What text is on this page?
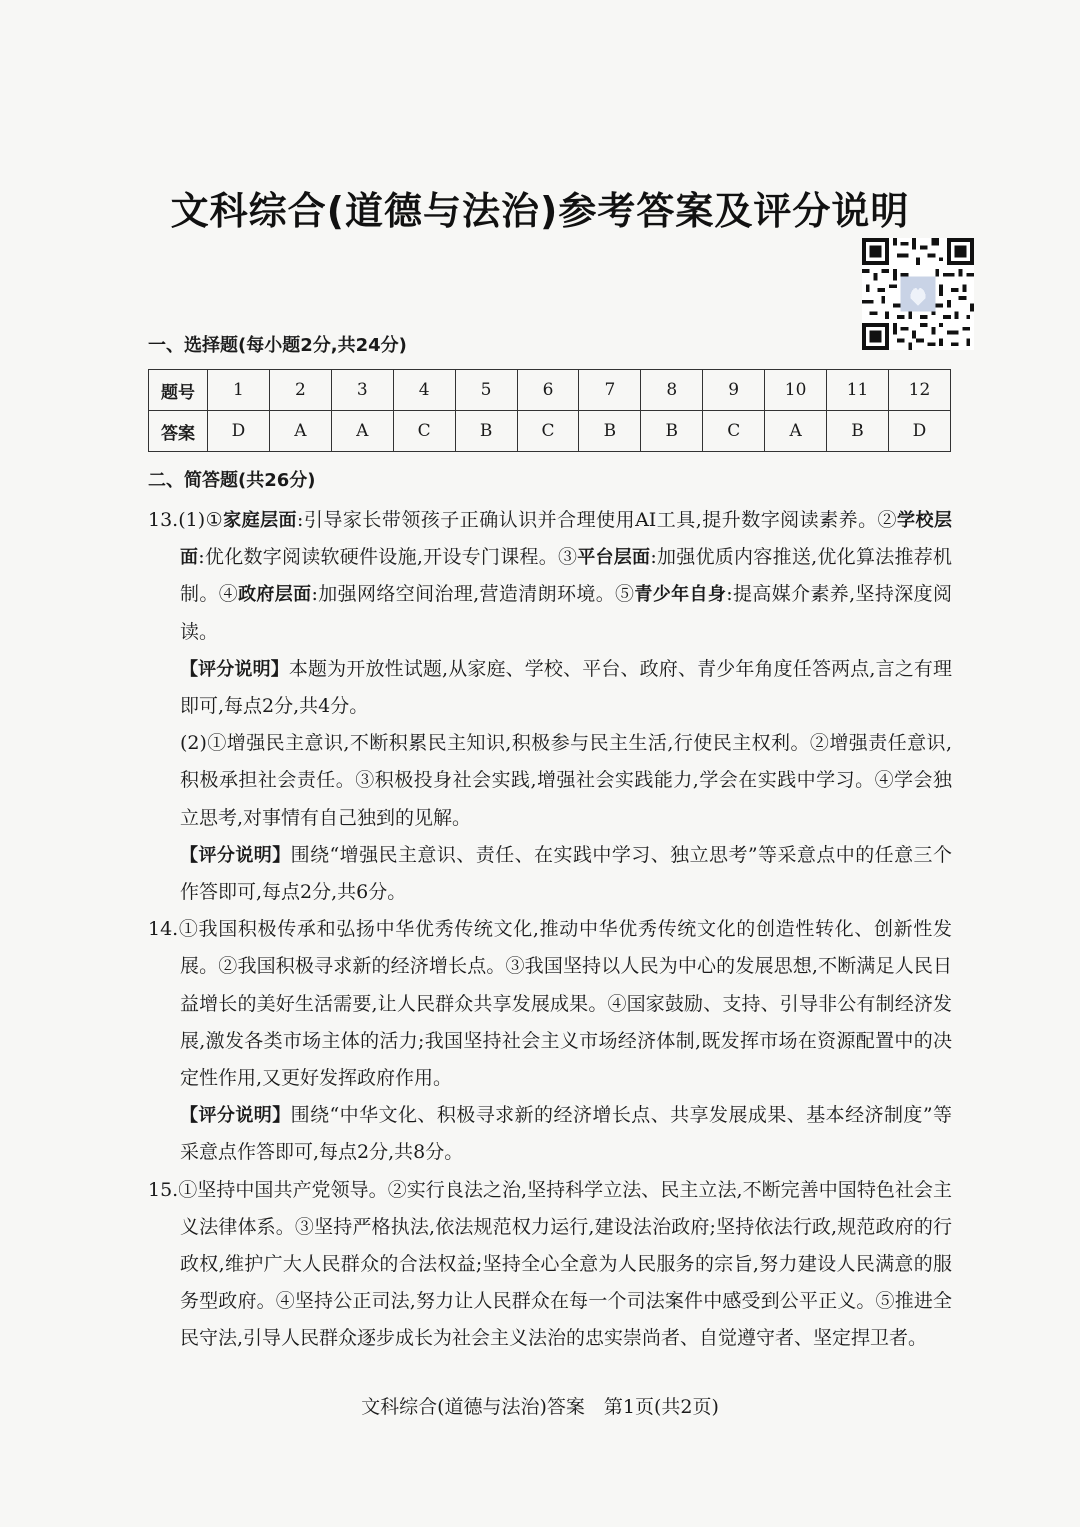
文科综合(道德与法治)参考答案及评分说明
一、选择题(每小题2分,共24分)
题号	1	2	3	4	5	6	7	8	9	10	11	12
答案	D	A	A	C	B	C	B	B	C	A	B	D
二、简答题(共26分)

13.(1)①家庭层面:引导家长带领孩子正确认识并合理使用AI工具,提升数字阅读素养。②学校层面:优化数字阅读软硬件设施,开设专门课程。③平台层面:加强优质内容推送,优化算法推荐机制。④政府层面:加强网络空间治理,营造清朗环境。⑤青少年自身:提高媒介素养,坚持深度阅读。

【评分说明】本题为开放性试题,从家庭、学校、平台、政府、青少年角度任答两点,言之有理即可,每点2分,共4分。

(2)①增强民主意识,不断积累民主知识,积极参与民主生活,行使民主权利。②增强责任意识,积极承担社会责任。③积极投身社会实践,增强社会实践能力,学会在实践中学习。④学会独立思考,对事情有自己独到的见解。

【评分说明】围绕“增强民主意识、责任、在实践中学习、独立思考”等采意点中的任意三个作答即可,每点2分,共6分。

14.①我国积极传承和弘扬中华优秀传统文化,推动中华优秀传统文化的创造性转化、创新性发展。②我国积极寻求新的经济增长点。③我国坚持以人民为中心的发展思想,不断满足人民日益增长的美好生活需要,让人民群众共享发展成果。④国家鼓励、支持、引导非公有制经济发展,激发各类市场主体的活力;我国坚持社会主义市场经济体制,既发挥市场在资源配置中的决定性作用,又更好发挥政府作用。

【评分说明】围绕“中华文化、积极寻求新的经济增长点、共享发展成果、基本经济制度”等采意点作答即可,每点2分,共8分。

15.①坚持中国共产党领导。②实行良法之治,坚持科学立法、民主立法,不断完善中国特色社会主义法律体系。③坚持严格执法,依法规范权力运行,建设法治政府;坚持依法行政,规范政府的行政权,维护广大人民群众的合法权益;坚持全心全意为人民服务的宗旨,努力建设人民满意的服务型政府。④坚持公正司法,努力让人民群众在每一个司法案件中感受到公平正义。⑤推进全民守法,引导人民群众逐步成长为社会主义法治的忠实崇尚者、自觉遵守者、坚定捍卫者。

文科综合(道德与法治)答案　第1页(共2页)
